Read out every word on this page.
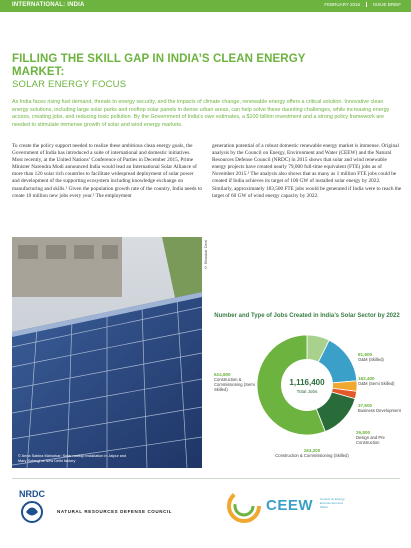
INTERNATIONAL: INDIA	FEBRUARY 2016	ISSUE BRIEF
FILLING THE SKILL GAP IN INDIA’S CLEAN ENERGY MARKET:
SOLAR ENERGY FOCUS

As India faces rising fuel demand, threats to energy security, and the impacts of climate change, renewable energy offers a critical solution. Innovative clean energy solutions, including large solar parks and rooftop solar panels in dense urban areas, can help solve these daunting challenges, while increasing energy access, creating jobs, and reducing toxic pollution. By the Government of India’s own estimates, a $100 billion investment and a strong policy framework are needed to stimulate immense growth of solar and wind energy markets.

To create the policy support needed to realize these ambitious clean energy goals, the Government of India has introduced a suite of international and domestic initiatives. Most recently, at the United Nations’ Conference of Parties in December 2015, Prime Minister Narendra Modi announced India would lead an International Solar Alliance of more than 120 solar rich countries to facilitate widespread deployment of solar power and development of the supporting ecosystem including knowledge exchange on manufacturing and skills.¹ Given the population growth rate of the country, India needs to create 10 million new jobs every year.² The employment

generation potential of a robust domestic renewable energy market is immense. Original analysis by the Council on Energy, Environment and Water (CEEW) and the Natural Resources Defense Council (NRDC) in 2015 shows that solar and wind renewable energy projects have created nearly 79,000 full-time equivalent (FTE) jobs as of November 2015.³ The analysis also shows that as many as 1 million FTE jobs could be created if India achieves its target of 100 GW of installed solar energy by 2022. Similarly, approximately 183,500 FTE jobs would be generated if India were to reach the target of 60 GW of wind energy capacity by 2022.

© Anna Sabina Mahurkar; Solar rooftop installation in Jaipur and Mary Sofangi at New Delhi factory
© Bhaskar Deol
Number and Type of Jobs Created in India’s Solar Sector by 2022
1,116,400
Total Jobs
81,900
O&M (Skilled)
182,400
O&M (Semi Skilled)
37,600
Business Development
26,800
Design and Pre Construction
163,200
Construction & Commissioning (Skilled)
624,800
Construction & Commissioning (Semi Skilled)
NRDC
NATURAL RESOURCES DEFENSE COUNCIL	CEEW Council on Energy, Environment and Water
